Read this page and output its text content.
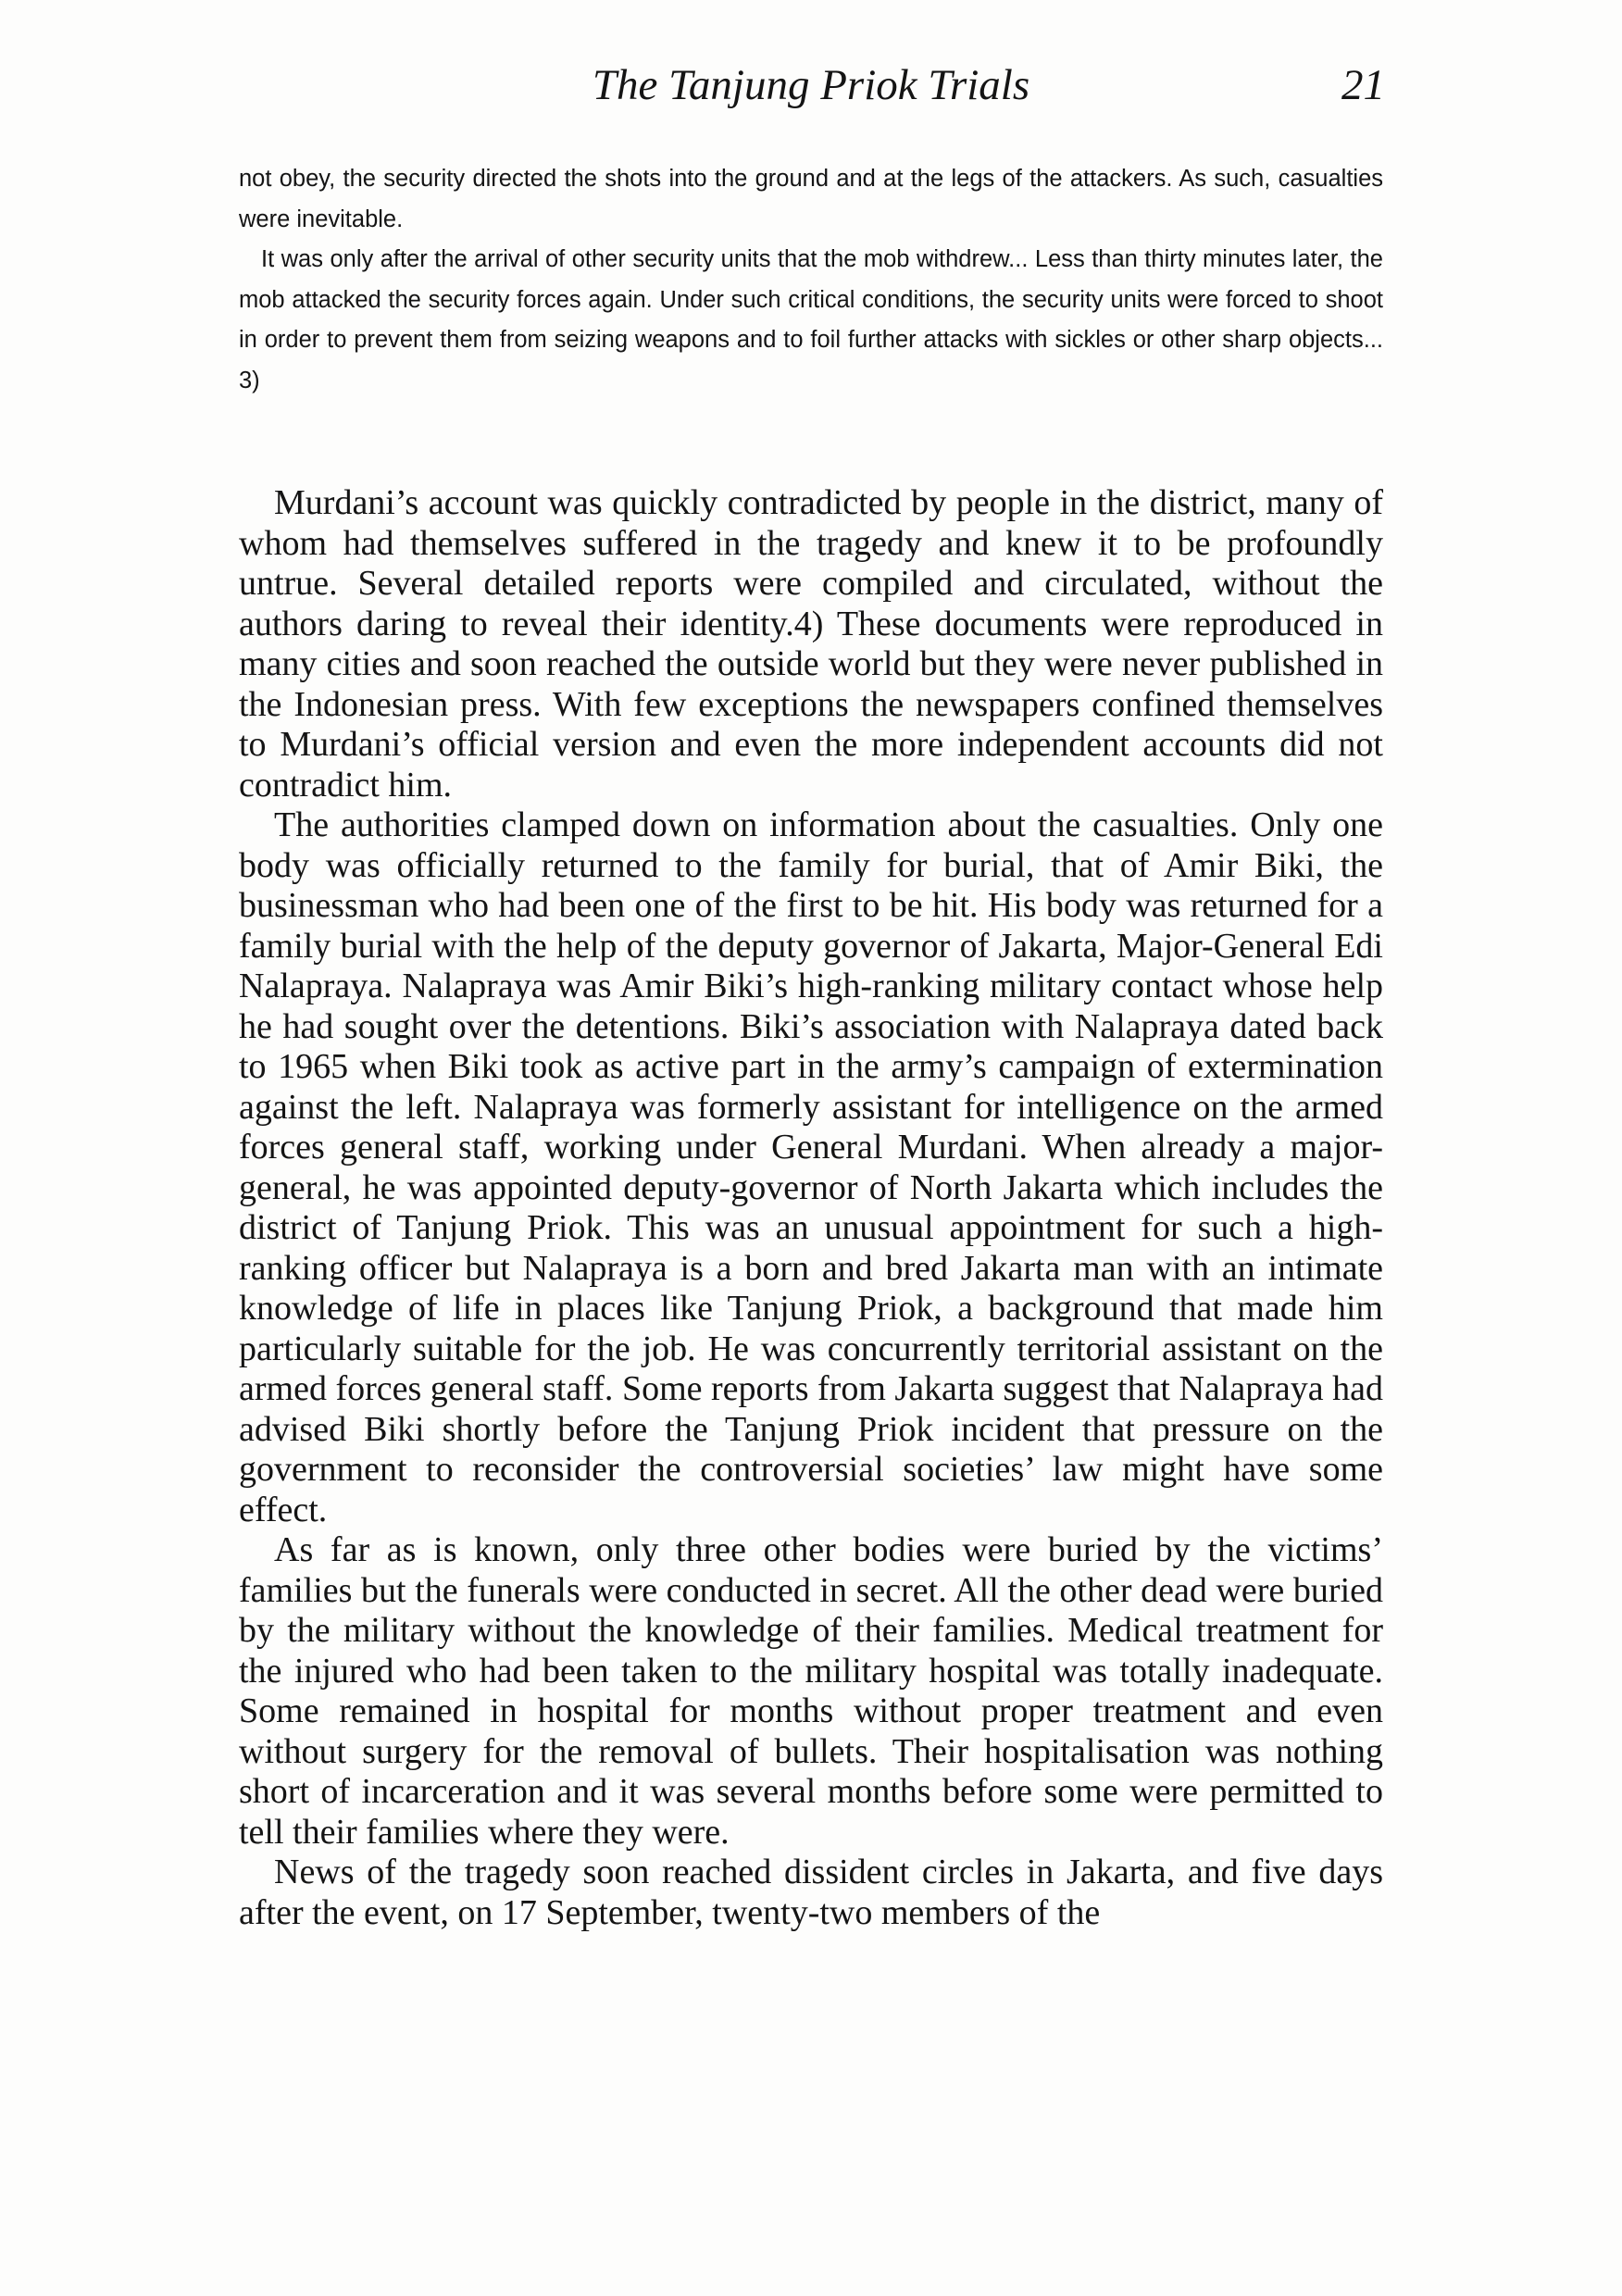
The Tanjung Priok Trials	21

not obey, the security directed the shots into the ground and at the legs of the attackers. As such, casualties were inevitable.

It was only after the arrival of other security units that the mob withdrew... Less than thirty minutes later, the mob attacked the security forces again. Under such critical conditions, the security units were forced to shoot in order to prevent them from seizing weapons and to foil further attacks with sickles or other sharp objects... 3)

Murdani’s account was quickly contradicted by people in the district, many of whom had themselves suffered in the tragedy and knew it to be profoundly untrue. Several detailed reports were compiled and circulated, without the authors daring to reveal their identity.4) These documents were reproduced in many cities and soon reached the outside world but they were never published in the Indonesian press. With few exceptions the newspapers confined themselves to Murdani’s official version and even the more independent accounts did not contradict him.

The authorities clamped down on information about the casualties. Only one body was officially returned to the family for burial, that of Amir Biki, the businessman who had been one of the first to be hit. His body was returned for a family burial with the help of the deputy governor of Jakarta, Major-General Edi Nalapraya. Nalapraya was Amir Biki’s high-ranking military contact whose help he had sought over the detentions. Biki’s association with Nalapraya dated back to 1965 when Biki took as active part in the army’s campaign of extermination against the left. Nalapraya was formerly assistant for intelligence on the armed forces general staff, working under General Murdani. When already a major-general, he was appointed deputy-governor of North Jakarta which includes the district of Tanjung Priok. This was an unusual appointment for such a high-ranking officer but Nalapraya is a born and bred Jakarta man with an intimate knowledge of life in places like Tanjung Priok, a background that made him particularly suitable for the job. He was concurrently territorial assistant on the armed forces general staff. Some reports from Jakarta suggest that Nalapraya had advised Biki shortly before the Tanjung Priok incident that pressure on the government to reconsider the controversial societies’ law might have some effect.

As far as is known, only three other bodies were buried by the victims’ families but the funerals were conducted in secret. All the other dead were buried by the military without the knowledge of their families. Medical treatment for the injured who had been taken to the military hospital was totally inadequate. Some remained in hospital for months without proper treatment and even without surgery for the removal of bullets. Their hospitalisation was nothing short of incarceration and it was several months before some were permitted to tell their families where they were.

News of the tragedy soon reached dissident circles in Jakarta, and five days after the event, on 17 September, twenty-two members of the
